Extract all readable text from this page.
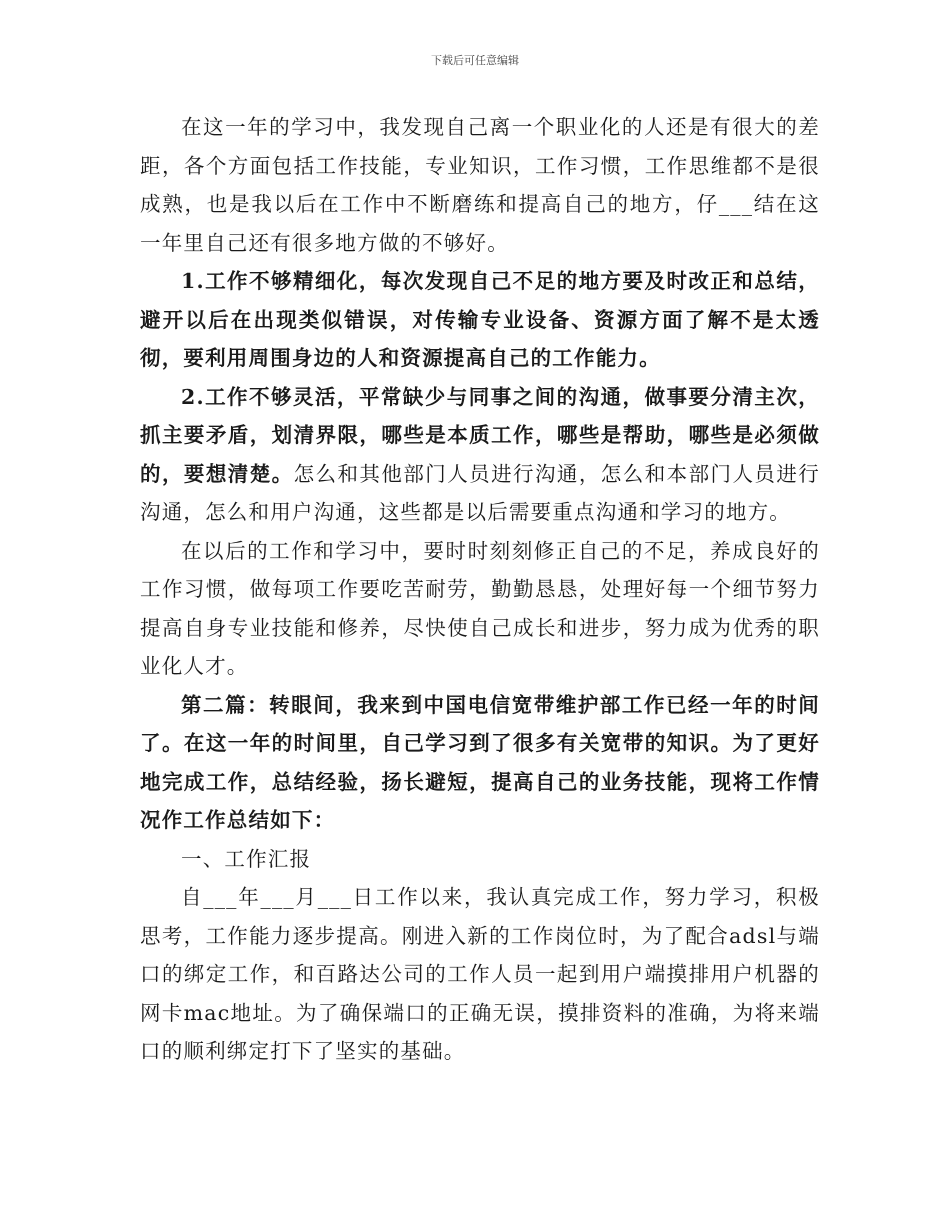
下载后可任意编辑

在这一年的学习中，我发现自己离一个职业化的人还是有很大的差距，各个方面包括工作技能，专业知识，工作习惯，工作思维都不是很成熟，也是我以后在工作中不断磨练和提高自己的地方，仔___结在这一年里自己还有很多地方做的不够好。

1.工作不够精细化，每次发现自己不足的地方要及时改正和总结，避开以后在出现类似错误，对传输专业设备、资源方面了解不是太透彻，要利用周围身边的人和资源提高自己的工作能力。

2.工作不够灵活，平常缺少与同事之间的沟通，做事要分清主次，抓主要矛盾，划清界限，哪些是本质工作，哪些是帮助，哪些是必须做的，要想清楚。怎么和其他部门人员进行沟通，怎么和本部门人员进行沟通，怎么和用户沟通，这些都是以后需要重点沟通和学习的地方。

在以后的工作和学习中，要时时刻刻修正自己的不足，养成良好的工作习惯，做每项工作要吃苦耐劳，勤勤恳恳，处理好每一个细节努力提高自身专业技能和修养，尽快使自己成长和进步，努力成为优秀的职业化人才。

第二篇：转眼间，我来到中国电信宽带维护部工作已经一年的时间了。在这一年的时间里，自己学习到了很多有关宽带的知识。为了更好地完成工作，总结经验，扬长避短，提高自己的业务技能，现将工作情况作工作总结如下：

一、工作汇报

自___年___月___日工作以来，我认真完成工作，努力学习，积极思考，工作能力逐步提高。刚进入新的工作岗位时，为了配合adsl与端口的绑定工作，和百路达公司的工作人员一起到用户端摸排用户机器的网卡mac地址。为了确保端口的正确无误，摸排资料的准确，为将来端口的顺利绑定打下了坚实的基础。
